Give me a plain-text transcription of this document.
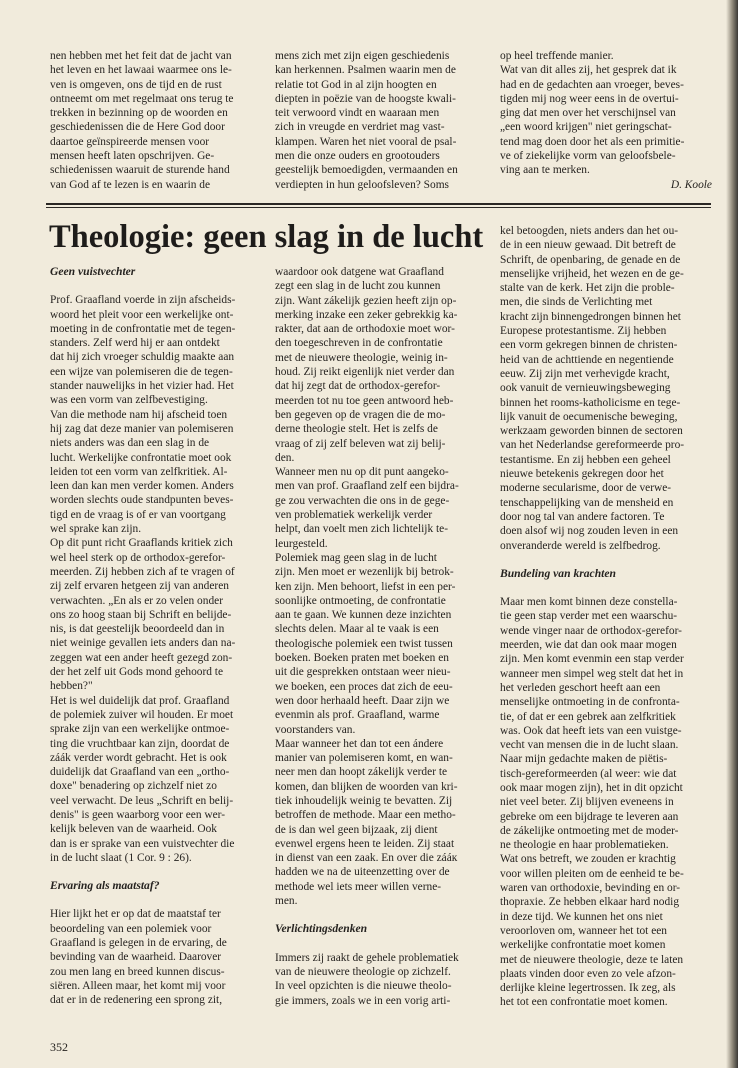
nen hebben met het feit dat de jacht van

het leven en het lawaai waarmee ons le-

ven is omgeven, ons de tijd en de rust

ontneemt om met regelmaat ons terug te

trekken in bezinning op de woorden en

geschiedenissen die de Here God door

daartoe geïnspireerde mensen voor

mensen heeft laten opschrijven. Ge-

schiedenissen waaruit de sturende hand

van God af te lezen is en waarin de

mens zich met zijn eigen geschiedenis

kan herkennen. Psalmen waarin men de

relatie tot God in al zijn hoogten en

diepten in poëzie van de hoogste kwali-

teit verwoord vindt en waaraan men

zich in vreugde en verdriet mag vast-

klampen. Waren het niet vooral de psal-

men die onze ouders en grootouders

geestelijk bemoedigden, vermaanden en

verdiepten in hun geloofsleven? Soms

op heel treffende manier.

Wat van dit alles zij, het gesprek dat ik

had en de gedachten aan vroeger, beves-

tigden mij nog weer eens in de overtui-

ging dat men over het verschijnsel van

„een woord krijgen" niet geringschat-

tend mag doen door het als een primitie-

ve of ziekelijke vorm van geloofsbele-

ving aan te merken.

D. Koole

Theologie: geen slag in de lucht
Geen vuistvechter

Prof. Graafland voerde in zijn afscheids-

woord het pleit voor een werkelijke ont-

moeting in de confrontatie met de tegen-

standers. Zelf werd hij er aan ontdekt

dat hij zich vroeger schuldig maakte aan

een wijze van polemiseren die de tegen-

stander nauwelijks in het vizier had. Het

was een vorm van zelfbevestiging.

Van die methode nam hij afscheid toen

hij zag dat deze manier van polemiseren

niets anders was dan een slag in de

lucht. Werkelijke confrontatie moet ook

leiden tot een vorm van zelfkritiek. Al-

leen dan kan men verder komen. Anders

worden slechts oude standpunten beves-

tigd en de vraag is of er van voortgang

wel sprake kan zijn.

Op dit punt richt Graaflands kritiek zich

wel heel sterk op de orthodox-gerefor-

meerden. Zij hebben zich af te vragen of

zij zelf ervaren hetgeen zij van anderen

verwachten. „En als er zo velen onder

ons zo hoog staan bij Schrift en belijde-

nis, is dat geestelijk beoordeeld dan in

niet weinige gevallen iets anders dan na-

zeggen wat een ander heeft gezegd zon-

der het zelf uit Gods mond gehoord te

hebben?"

Het is wel duidelijk dat prof. Graafland

de polemiek zuiver wil houden. Er moet

sprake zijn van een werkelijke ontmoe-

ting die vruchtbaar kan zijn, doordat de

záák verder wordt gebracht. Het is ook

duidelijk dat Graafland van een „ortho-

doxe" benadering op zichzelf niet zo

veel verwacht. De leus „Schrift en belij-

denis" is geen waarborg voor een wer-

kelijk beleven van de waarheid. Ook

dan is er sprake van een vuistvechter die

in de lucht slaat (1 Cor. 9 : 26).

Ervaring als maatstaf?

Hier lijkt het er op dat de maatstaf ter

beoordeling van een polemiek voor

Graafland is gelegen in de ervaring, de

bevinding van de waarheid. Daarover

zou men lang en breed kunnen discus-

siëren. Alleen maar, het komt mij voor

dat er in de redenering een sprong zit,

waardoor ook datgene wat Graafland

zegt een slag in de lucht zou kunnen

zijn. Want zákelijk gezien heeft zijn op-

merking inzake een zeker gebrekkig ka-

rakter, dat aan de orthodoxie moet wor-

den toegeschreven in de confrontatie

met de nieuwere theologie, weinig in-

houd. Zij reikt eigenlijk niet verder dan

dat hij zegt dat de orthodox-gerefor-

meerden tot nu toe geen antwoord heb-

ben gegeven op de vragen die de mo-

derne theologie stelt. Het is zelfs de

vraag of zij zelf beleven wat zij belij-

den.

Wanneer men nu op dit punt aangeko-

men van prof. Graafland zelf een bijdra-

ge zou verwachten die ons in de gege-

ven problematiek werkelijk verder

helpt, dan voelt men zich lichtelijk te-

leurgesteld.

Polemiek mag geen slag in de lucht

zijn. Men moet er wezenlijk bij betrok-

ken zijn. Men behoort, liefst in een per-

soonlijke ontmoeting, de confrontatie

aan te gaan. We kunnen deze inzichten

slechts delen. Maar al te vaak is een

theologische polemiek een twist tussen

boeken. Boeken praten met boeken en

uit die gesprekken ontstaan weer nieu-

we boeken, een proces dat zich de eeu-

wen door herhaald heeft. Daar zijn we

evenmin als prof. Graafland, warme

voorstanders van.

Maar wanneer het dan tot een ándere

manier van polemiseren komt, en wan-

neer men dan hoopt zákelijk verder te

komen, dan blijken de woorden van kri-

tiek inhoudelijk weinig te bevatten. Zij

betroffen de methode. Maar een metho-

de is dan wel geen bijzaak, zij dient

evenwel ergens heen te leiden. Zij staat

in dienst van een zaak. En over die zááк

hadden we na de uiteenzetting over de

methode wel iets meer willen verne-

men.

Verlichtingsdenken

Immers zij raakt de gehele problematiek

van de nieuwere theologie op zichzelf.

In veel opzichten is die nieuwe theolo-

gie immers, zoals we in een vorig arti-

kel betoogden, niets anders dan het ou-

de in een nieuw gewaad. Dit betreft de

Schrift, de openbaring, de genade en de

menselijke vrijheid, het wezen en de ge-

stalte van de kerk. Het zijn die proble-

men, die sinds de Verlichting met

kracht zijn binnengedrongen binnen het

Europese protestantisme. Zij hebben

een vorm gekregen binnen de christen-

heid van de achttiende en negentiende

eeuw. Zij zijn met verhevigde kracht,

ook vanuit de vernieuwingsbeweging

binnen het rooms-katholicisme en tege-

lijk vanuit de oecumenische beweging,

werkzaam geworden binnen de sectoren

van het Nederlandse gereformeerde pro-

testantisme. En zij hebben een geheel

nieuwe betekenis gekregen door het

moderne secularisme, door de verwe-

tenschappelijking van de mensheid en

door nog tal van andere factoren. Te

doen alsof wij nog zouden leven in een

onveranderde wereld is zelfbedrog.

Bundeling van krachten

Maar men komt binnen deze constella-

tie geen stap verder met een waarschu-

wende vinger naar de orthodox-gerefor-

meerden, wie dat dan ook maar mogen

zijn. Men komt evenmin een stap verder

wanneer men simpel weg stelt dat het in

het verleden geschort heeft aan een

menselijke ontmoeting in de confronta-

tie, of dat er een gebrek aan zelfkritiek

was. Ook dat heeft iets van een vuistge-

vecht van mensen die in de lucht slaan.

Naar mijn gedachte maken de piëtis-

tisch-gereformeerden (al weer: wie dat

ook maar mogen zijn), het in dit opzicht

niet veel beter. Zij blijven eveneens in

gebreke om een bijdrage te leveren aan

de zákelijke ontmoeting met de moder-

ne theologie en haar problematieken.

Wat ons betreft, we zouden er krachtig

voor willen pleiten om de eenheid te be-

waren van orthodoxie, bevinding en or-

thopraxie. Ze hebben elkaar hard nodig

in deze tijd. We kunnen het ons niet

veroorloven om, wanneer het tot een

werkelijke confrontatie moet komen

met de nieuwere theologie, deze te laten

plaats vinden door even zo vele afzon-

derlijke kleine legertrossen. Ik zeg, als

het tot een confrontatie moet komen.

352
